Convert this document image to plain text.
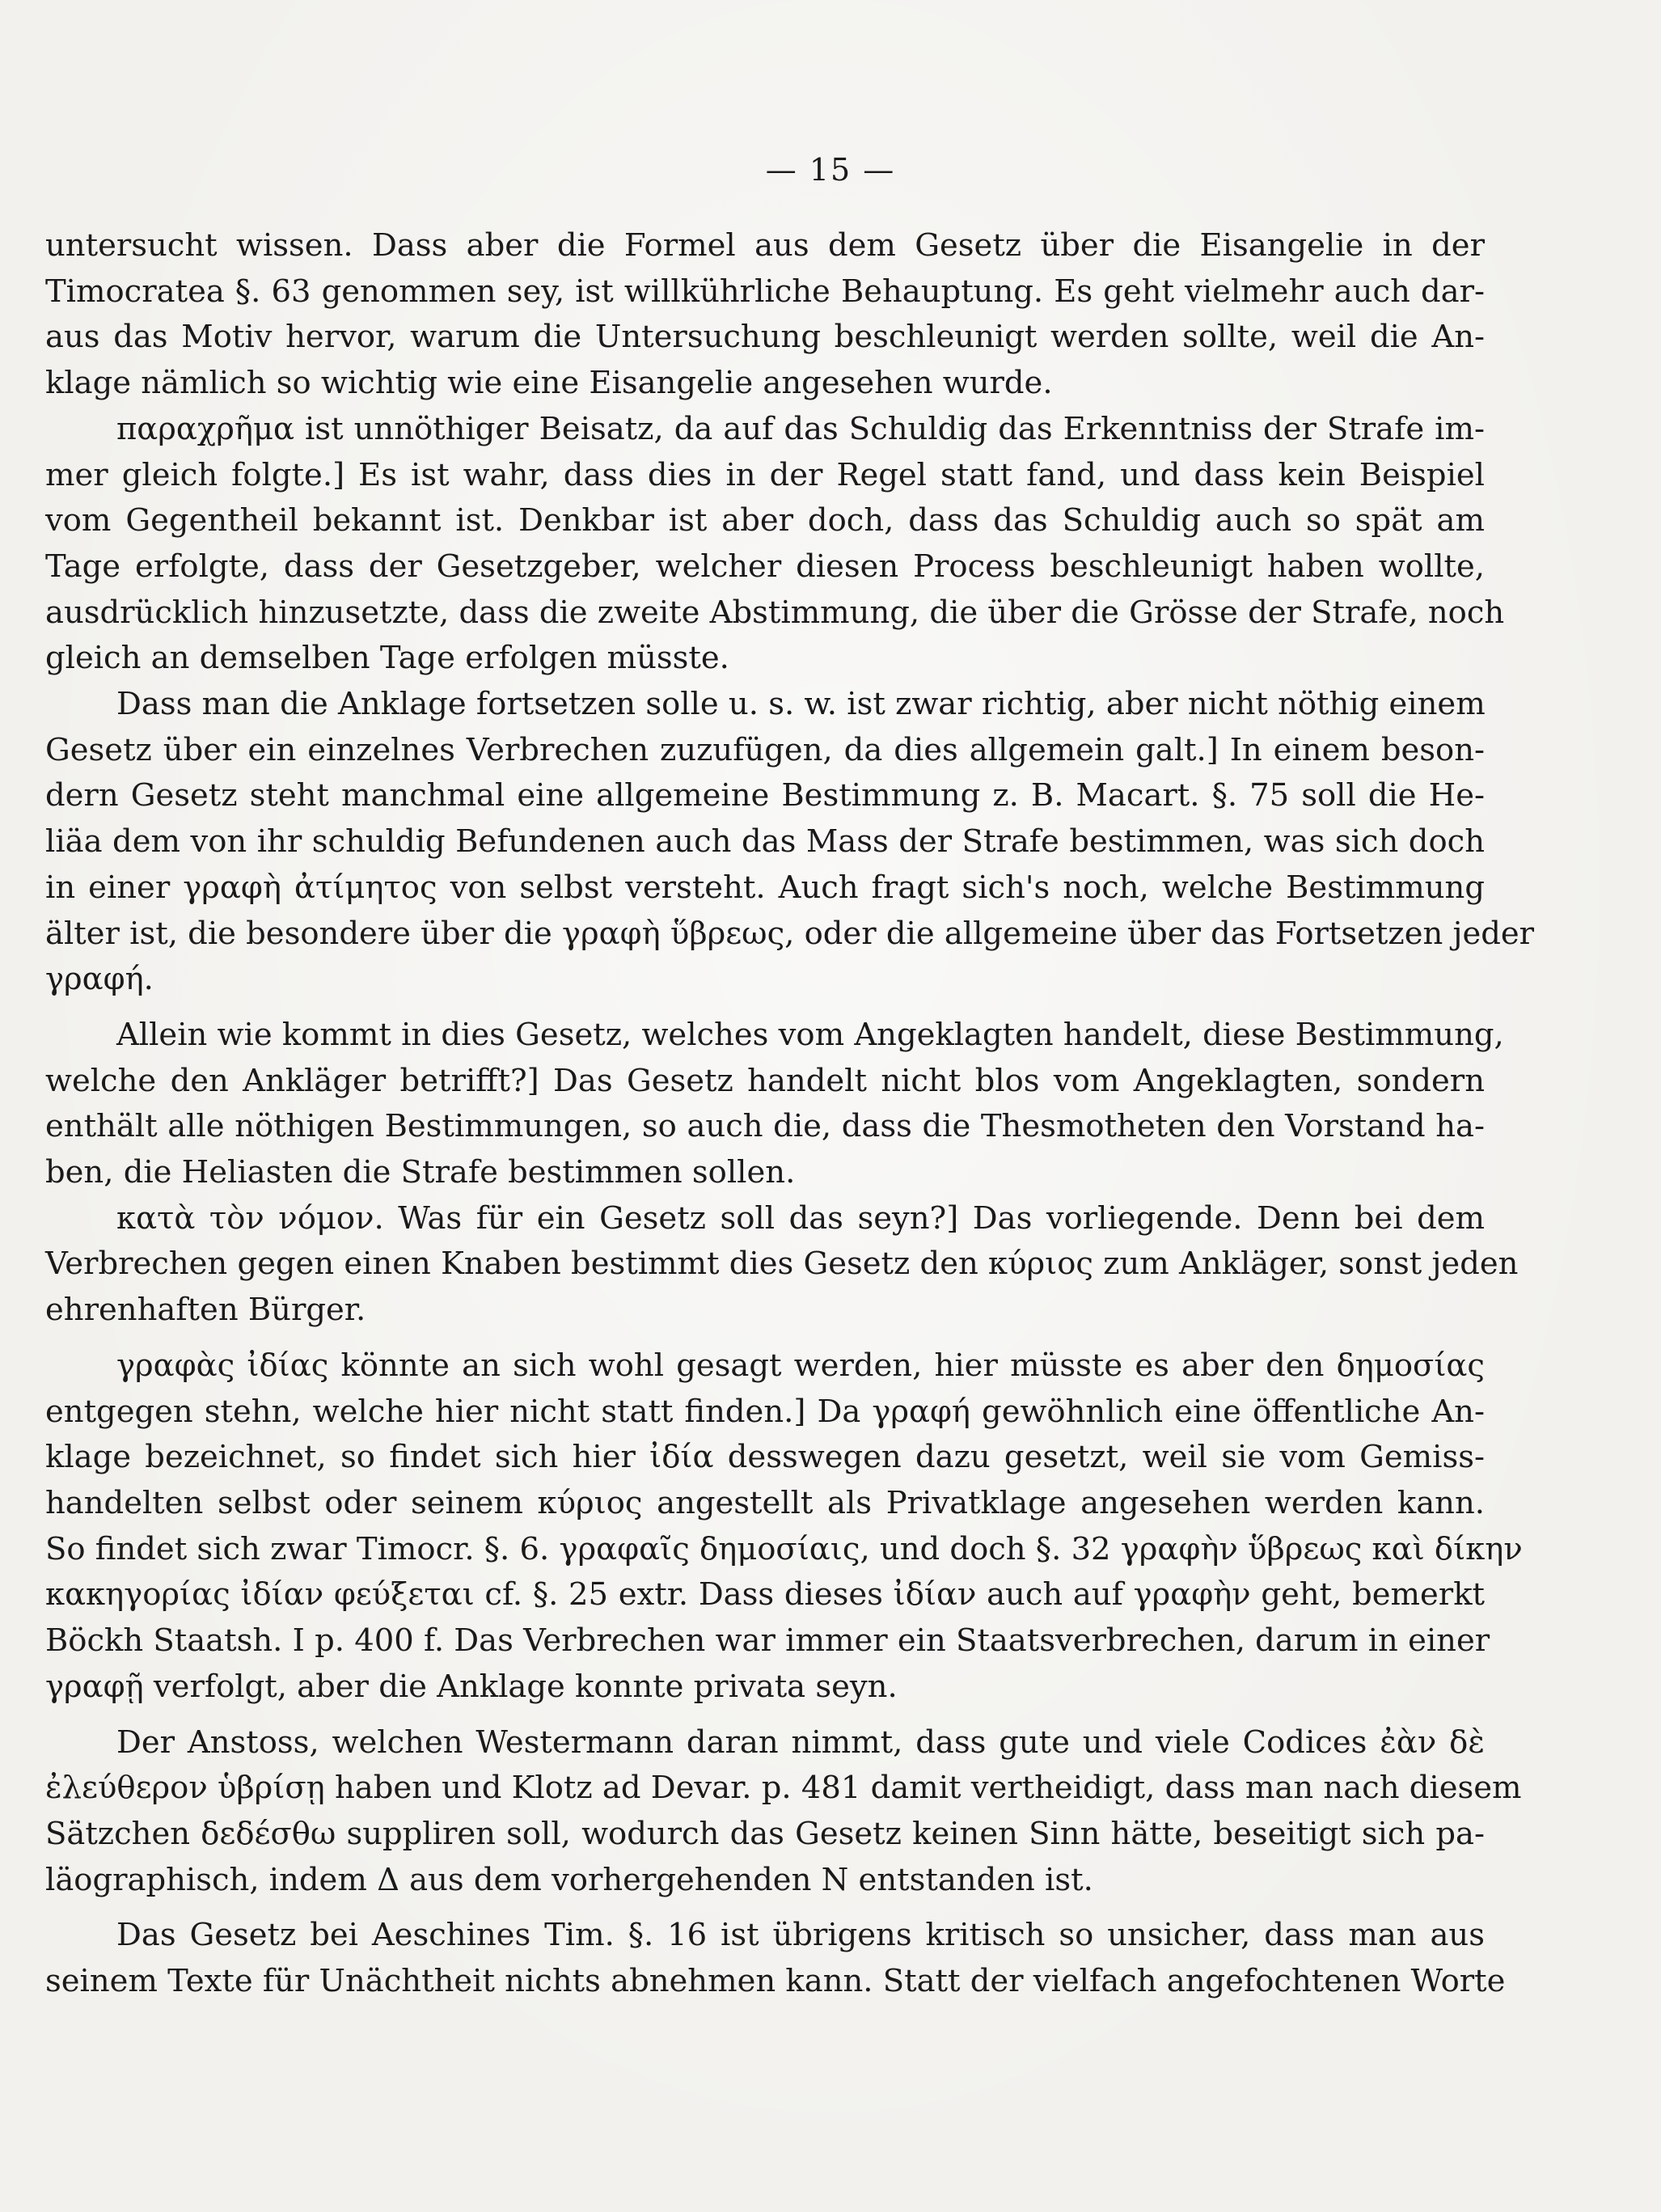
— 15 —
untersucht wissen. Dass aber die Formel aus dem Gesetz über die Eisangelie in der
Timocratea §. 63 genommen sey, ist willkührliche Behauptung. Es geht vielmehr auch dar-
aus das Motiv hervor, warum die Untersuchung beschleunigt werden sollte, weil die An-
klage nämlich so wichtig wie eine Eisangelie angesehen wurde.
παραχρῆμα ist unnöthiger Beisatz, da auf das Schuldig das Erkenntniss der Strafe im-
mer gleich folgte.] Es ist wahr, dass dies in der Regel statt fand, und dass kein Beispiel
vom Gegentheil bekannt ist. Denkbar ist aber doch, dass das Schuldig auch so spät am
Tage erfolgte, dass der Gesetzgeber, welcher diesen Process beschleunigt haben wollte,
ausdrücklich hinzusetzte, dass die zweite Abstimmung, die über die Grösse der Strafe, noch
gleich an demselben Tage erfolgen müsste.
Dass man die Anklage fortsetzen solle u. s. w. ist zwar richtig, aber nicht nöthig einem
Gesetz über ein einzelnes Verbrechen zuzufügen, da dies allgemein galt.] In einem beson-
dern Gesetz steht manchmal eine allgemeine Bestimmung z. B. Macart. §. 75 soll die He-
liäa dem von ihr schuldig Befundenen auch das Mass der Strafe bestimmen, was sich doch
in einer γραφὴ ἀτίμητος von selbst versteht. Auch fragt sich's noch, welche Bestimmung
älter ist, die besondere über die γραφὴ ὕβρεως, oder die allgemeine über das Fortsetzen jeder
γραφή.
Allein wie kommt in dies Gesetz, welches vom Angeklagten handelt, diese Bestimmung,
welche den Ankläger betrifft?] Das Gesetz handelt nicht blos vom Angeklagten, sondern
enthält alle nöthigen Bestimmungen, so auch die, dass die Thesmotheten den Vorstand ha-
ben, die Heliasten die Strafe bestimmen sollen.
κατὰ τὸν νόμον. Was für ein Gesetz soll das seyn?] Das vorliegende. Denn bei dem
Verbrechen gegen einen Knaben bestimmt dies Gesetz den κύριος zum Ankläger, sonst jeden
ehrenhaften Bürger.
γραφὰς ἰδίας könnte an sich wohl gesagt werden, hier müsste es aber den δημοσίας
entgegen stehn, welche hier nicht statt finden.] Da γραφή gewöhnlich eine öffentliche An-
klage bezeichnet, so findet sich hier ἰδία desswegen dazu gesetzt, weil sie vom Gemiss-
handelten selbst oder seinem κύριος angestellt als Privatklage angesehen werden kann.
So findet sich zwar Timocr. §. 6. γραφαῖς δημοσίαις, und doch §. 32 γραφὴν ὕβρεως καὶ δίκην
κακηγορίας ἰδίαν φεύξεται cf. §. 25 extr. Dass dieses ἰδίαν auch auf γραφὴν geht, bemerkt
Böckh Staatsh. I p. 400 f. Das Verbrechen war immer ein Staatsverbrechen, darum in einer
γραφῇ verfolgt, aber die Anklage konnte privata seyn.
Der Anstoss, welchen Westermann daran nimmt, dass gute und viele Codices ἐὰν δὲ
ἐλεύθερον ὑβρίσῃ haben und Klotz ad Devar. p. 481 damit vertheidigt, dass man nach diesem
Sätzchen δεδέσθω suppliren soll, wodurch das Gesetz keinen Sinn hätte, beseitigt sich pa-
läographisch, indem Δ aus dem vorhergehenden N entstanden ist.
Das Gesetz bei Aeschines Tim. §. 16 ist übrigens kritisch so unsicher, dass man aus
seinem Texte für Unächtheit nichts abnehmen kann. Statt der vielfach angefochtenen Worte
